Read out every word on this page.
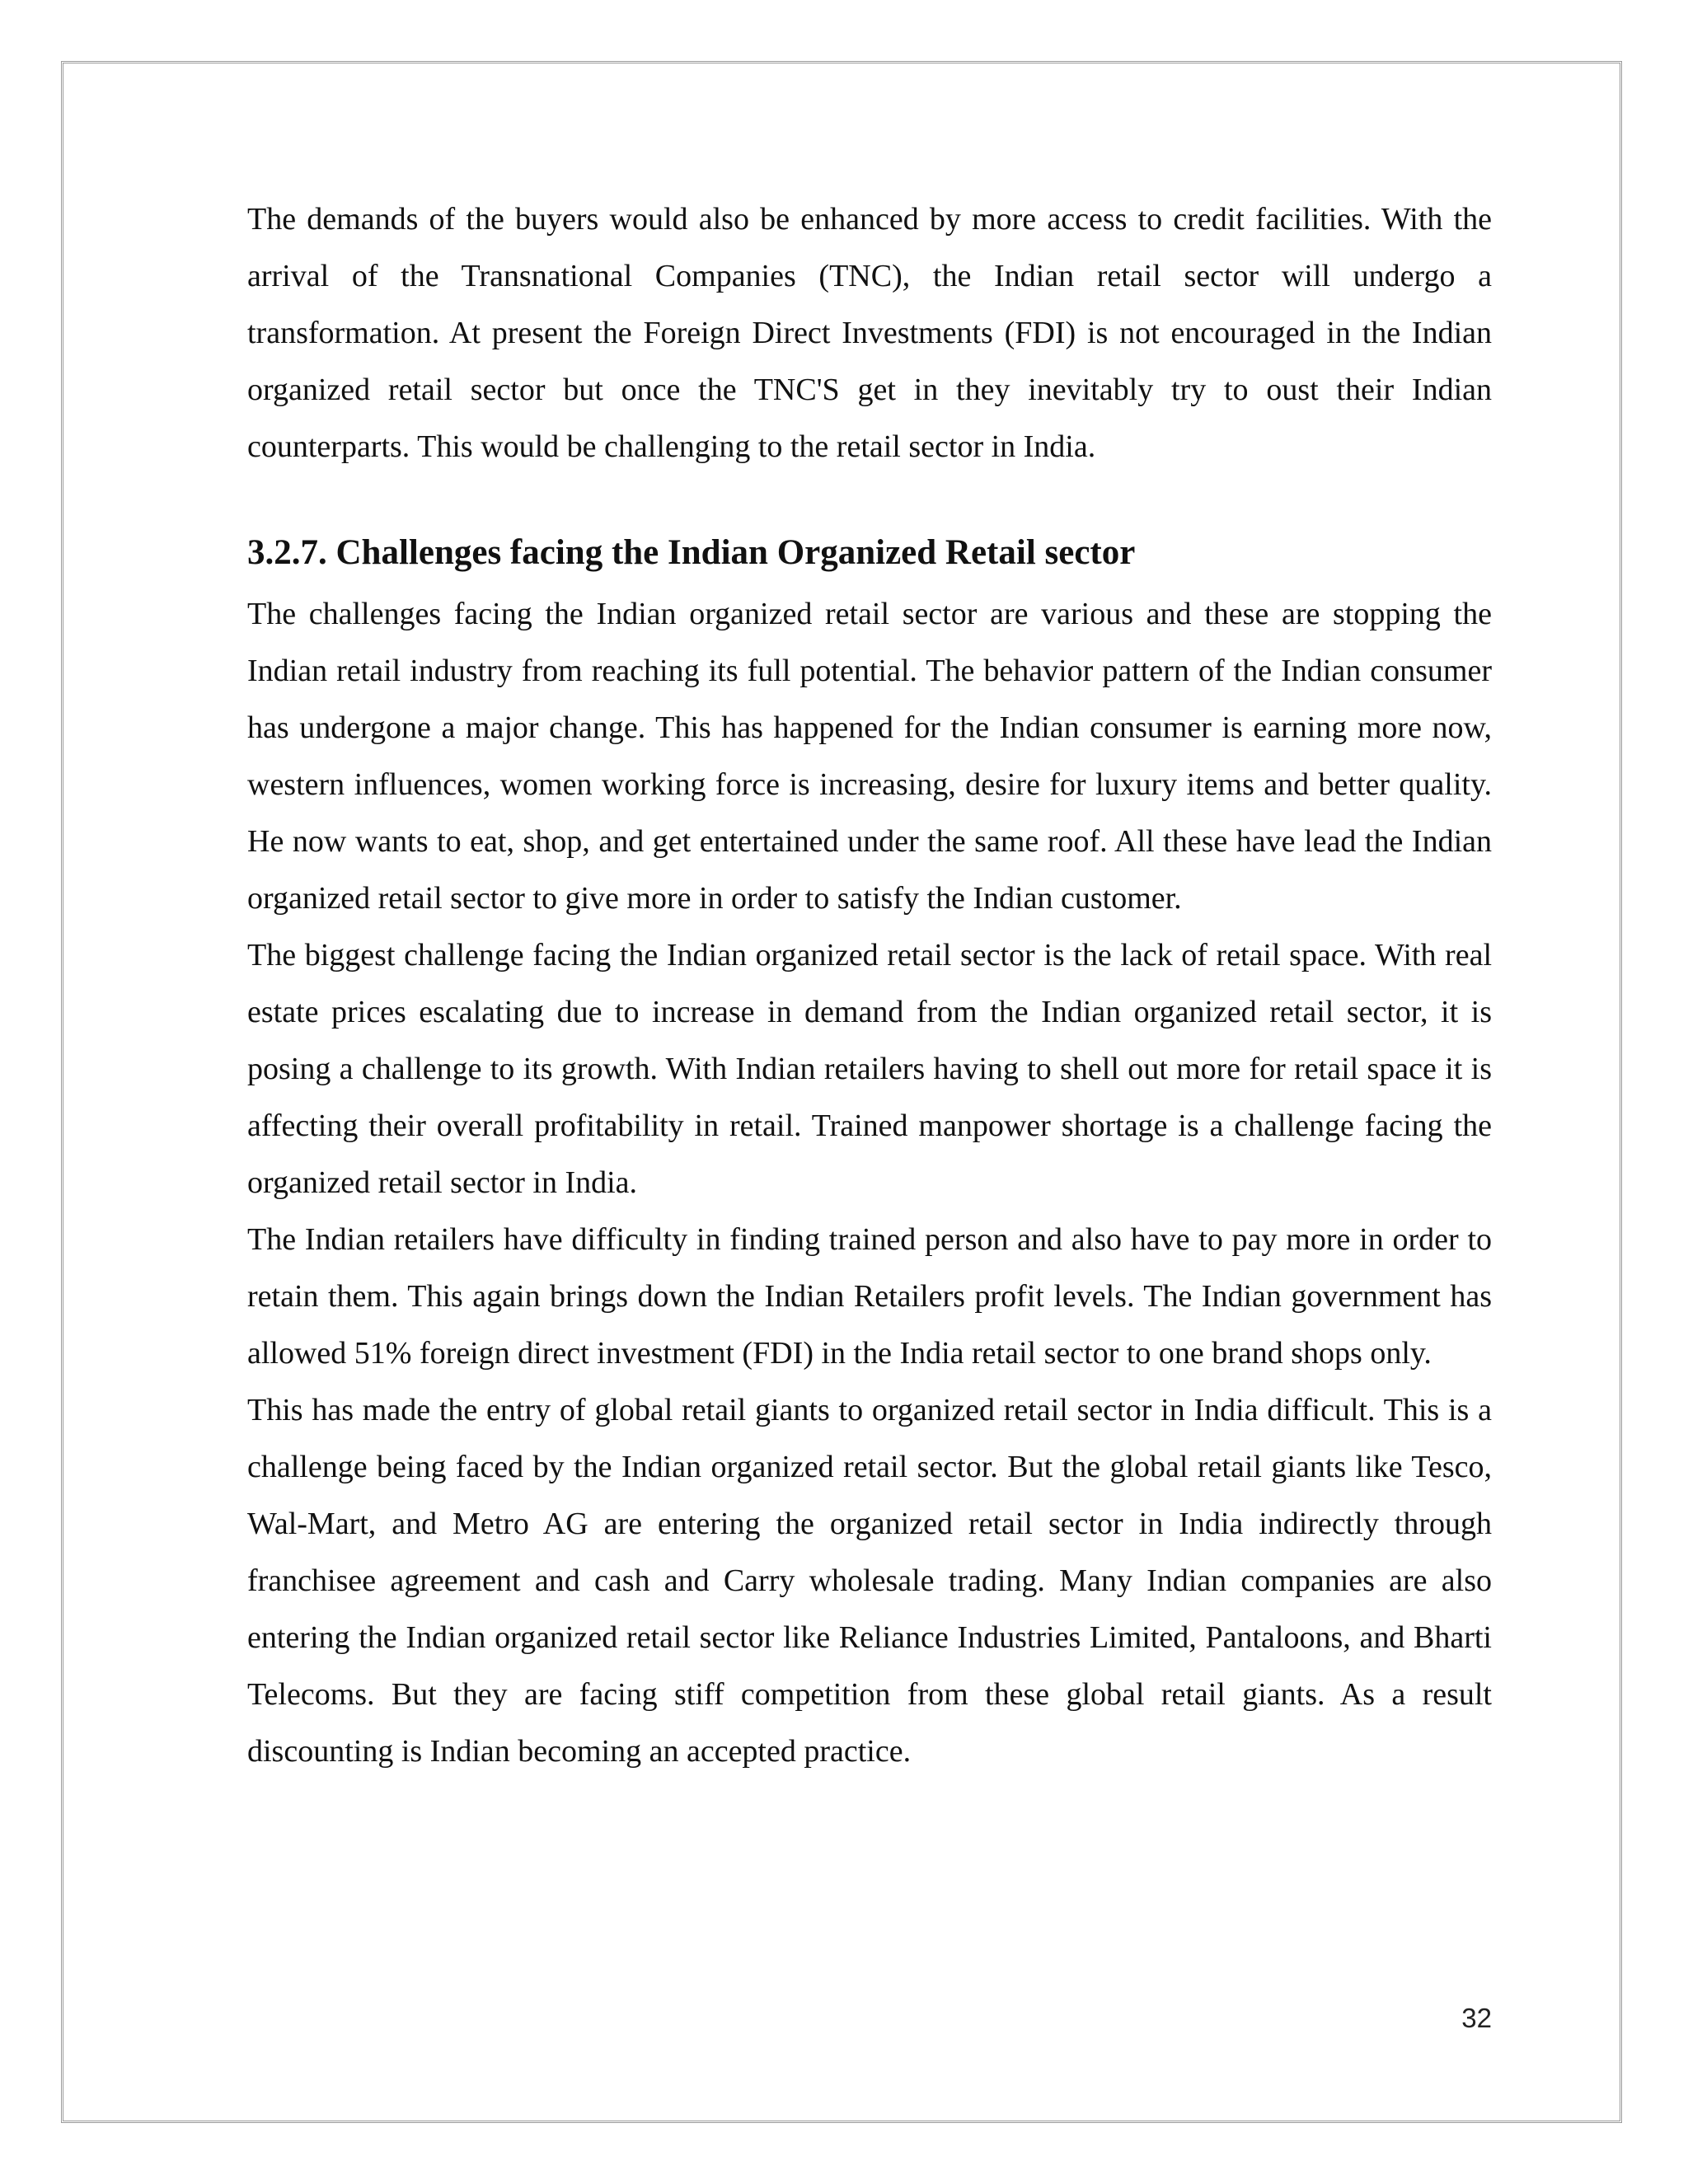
The demands of the buyers would also be enhanced by more access to credit facilities. With the arrival of the Transnational Companies (TNC), the Indian retail sector will undergo a transformation. At present the Foreign Direct Investments (FDI) is not encouraged in the Indian organized retail sector but once the TNC'S get in they inevitably try to oust their Indian counterparts. This would be challenging to the retail sector in India.

3.2.7. Challenges facing the Indian Organized Retail sector

The challenges facing the Indian organized retail sector are various and these are stopping the Indian retail industry from reaching its full potential. The behavior pattern of the Indian consumer has undergone a major change. This has happened for the Indian consumer is earning more now, western influences, women working force is increasing, desire for luxury items and better quality. He now wants to eat, shop, and get entertained under the same roof. All these have lead the Indian organized retail sector to give more in order to satisfy the Indian customer.

The biggest challenge facing the Indian organized retail sector is the lack of retail space. With real estate prices escalating due to increase in demand from the Indian organized retail sector, it is posing a challenge to its growth. With Indian retailers having to shell out more for retail space it is affecting their overall profitability in retail. Trained manpower shortage is a challenge facing the organized retail sector in India.

The Indian retailers have difficulty in finding trained person and also have to pay more in order to retain them. This again brings down the Indian Retailers profit levels. The Indian government has allowed 51% foreign direct investment (FDI) in the India retail sector to one brand shops only.

This has made the entry of global retail giants to organized retail sector in India difficult. This is a challenge being faced by the Indian organized retail sector. But the global retail giants like Tesco, Wal-Mart, and Metro AG are entering the organized retail sector in India indirectly through franchisee agreement and cash and Carry wholesale trading. Many Indian companies are also entering the Indian organized retail sector like Reliance Industries Limited, Pantaloons, and Bharti Telecoms. But they are facing stiff competition from these global retail giants. As a result discounting is Indian becoming an accepted practice.

32
